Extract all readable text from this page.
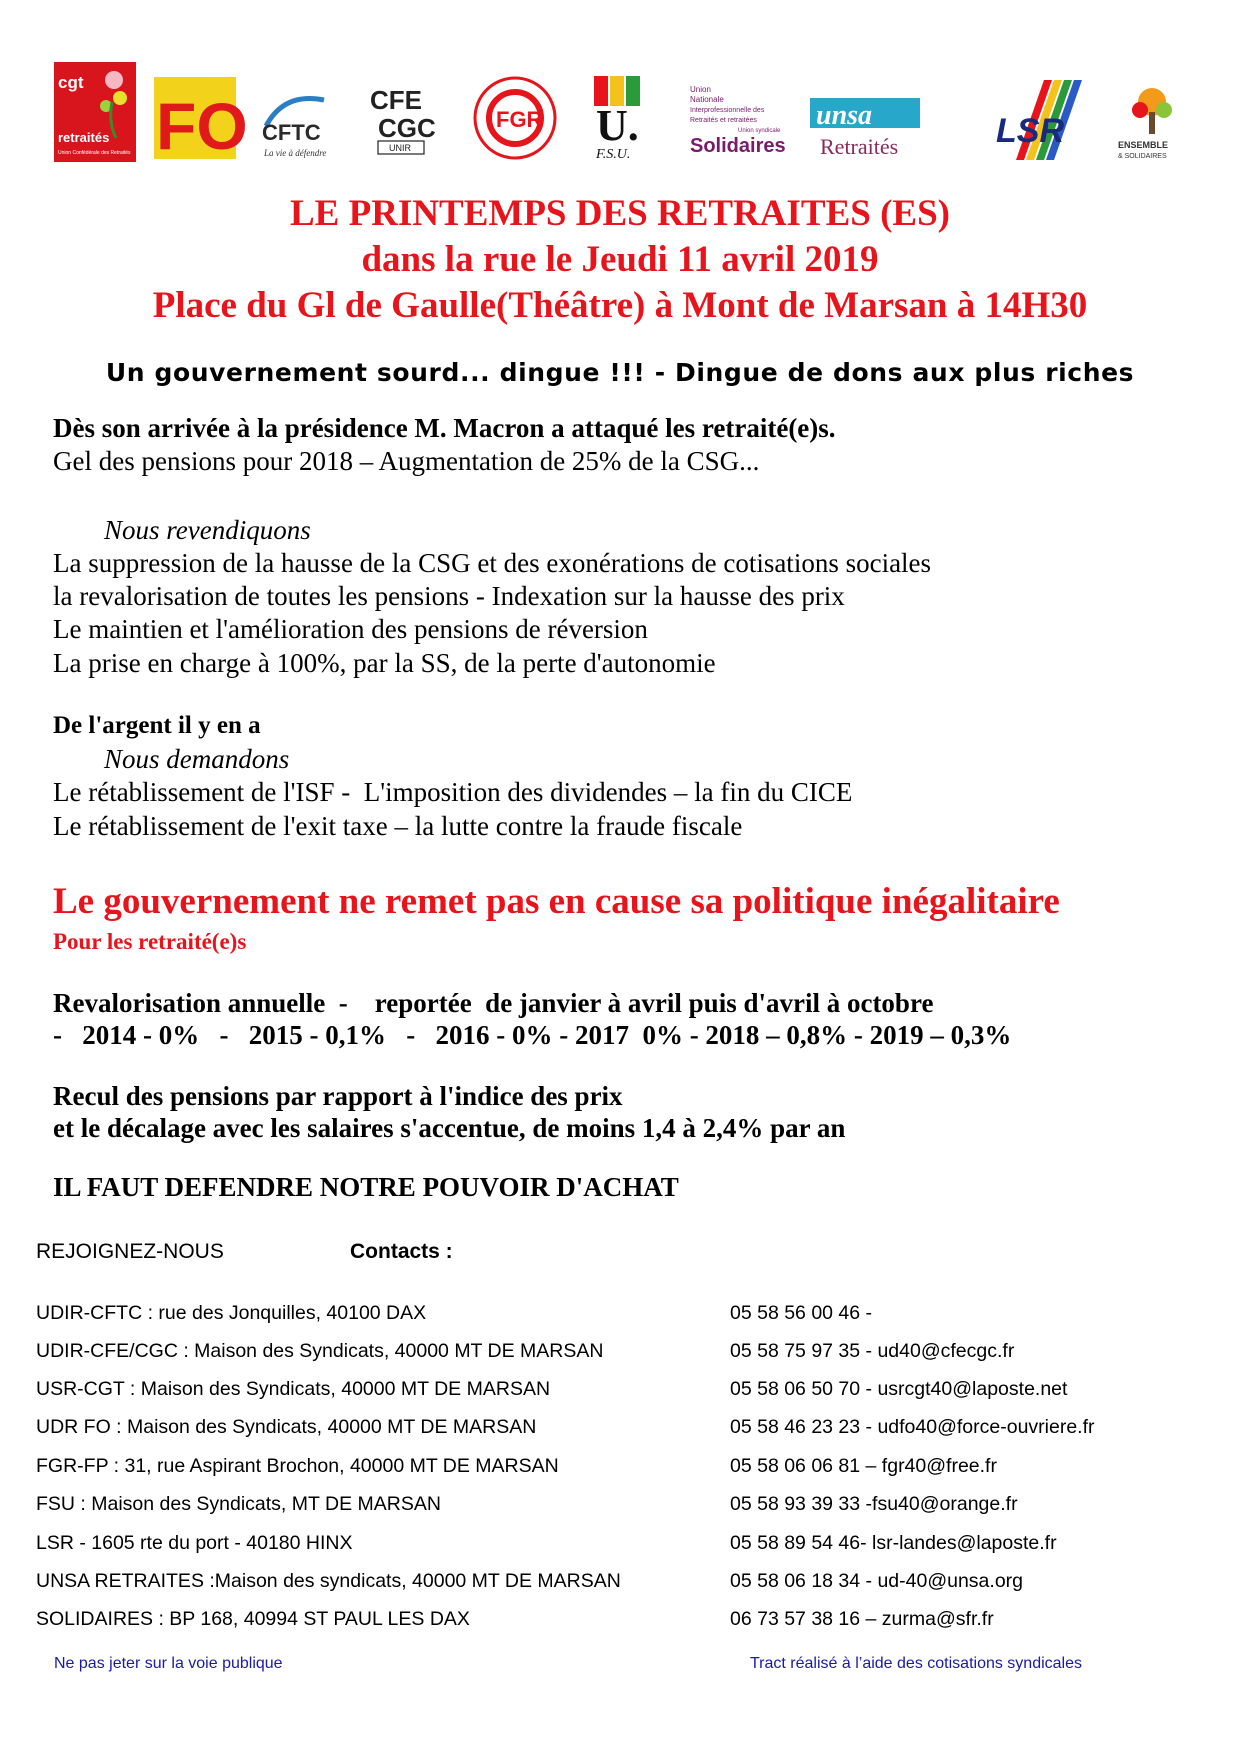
cgt
retraités
Union Confédérale des Retraités FO CFTC
La vie à défendre
CFE
CGC
UNIR
FGR U.
F.S.U.
Union
Nationale
Interprofessionnelle des
Retraités et retraitées
Union syndicale
Solidaires
unsa
Retraités	LSR	ENSEMBLE
& SOLIDAIRES
LE PRINTEMPS DES RETRAITES (ES)
dans la rue le Jeudi 11 avril 2019
Place du Gl de Gaulle(Théâtre) à Mont de Marsan à 14H30
Un gouvernement sourd... dingue !!! - Dingue de dons aux plus riches
Dès son arrivée à la présidence M. Macron a attaqué les retraité(e)s.
Gel des pensions pour 2018 – Augmentation de 25% de la CSG...
Nous revendiquons
La suppression de la hausse de la CSG et des exonérations de cotisations sociales
la revalorisation de toutes les pensions - Indexation sur la hausse des prix
Le maintien et l'amélioration des pensions de réversion
La prise en charge à 100%, par la SS, de la perte d'autonomie
De l'argent il y en a
Nous demandons
Le rétablissement de l'ISF -  L'imposition des dividendes – la fin du CICE
Le rétablissement de l'exit taxe – la lutte contre la fraude fiscale
Le gouvernement ne remet pas en cause sa politique inégalitaire
Pour les retraité(e)s
Revalorisation annuelle  -    reportée  de janvier à avril puis d'avril à octobre
-   2014 - 0%   -   2015 - 0,1%   -   2016 - 0% - 2017  0% - 2018 – 0,8% - 2019 – 0,3%
Recul des pensions par rapport à l'indice des prix
et le décalage avec les salaires s'accentue, de moins 1,4 à 2,4% par an
IL FAUT DEFENDRE NOTRE POUVOIR D'ACHAT
REJOIGNEZ-NOUS	Contacts :
UDIR-CFTC : rue des Jonquilles, 40100 DAX	05 58 56 00 46 -
UDIR-CFE/CGC : Maison des Syndicats, 40000 MT DE MARSAN	05 58 75 97 35 - ud40@cfecgc.fr
USR-CGT : Maison des Syndicats, 40000 MT DE MARSAN	05 58 06 50 70 - usrcgt40@laposte.net
UDR FO : Maison des Syndicats, 40000 MT DE MARSAN	05 58 46 23 23 - udfo40@force-ouvriere.fr
FGR-FP : 31, rue Aspirant Brochon, 40000 MT DE MARSAN	05 58 06 06 81 – fgr40@free.fr
FSU : Maison des Syndicats, MT DE MARSAN	05 58 93 39 33 -fsu40@orange.fr
LSR - 1605 rte du port - 40180 HINX	05 58 89 54 46- lsr-landes@laposte.fr
UNSA RETRAITES :Maison des syndicats, 40000 MT DE MARSAN	05 58 06 18 34 - ud-40@unsa.org
SOLIDAIRES : BP 168, 40994 ST PAUL LES DAX	06 73 57 38 16 – zurma@sfr.fr
Ne pas jeter sur la voie publique	Tract réalisé à l’aide des cotisations syndicales
